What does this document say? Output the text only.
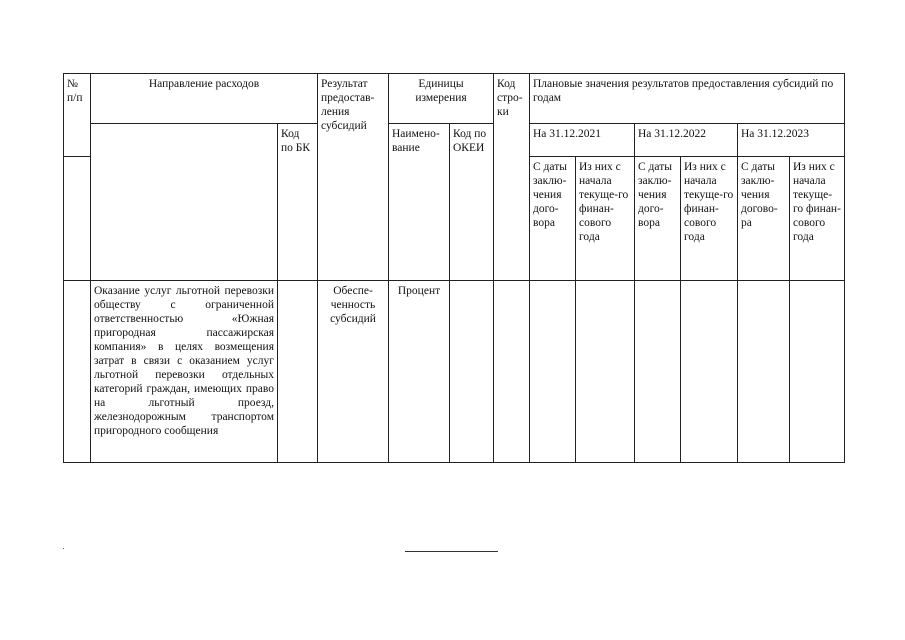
№ п/п	Направление расходов		Результат предостав-ления субсидий	Единицы измерения		Код стро-ки	Плановые значения результатов предоставления субсидий по годам					
		Код по БК		Наимено-вание	Код по ОКЕИ		На 31.12.2021		На 31.12.2022		На 31.12.2023	
							С даты заклю-чения дого-вора	Из них с начала текуще-го финан-сового года	С даты заклю-чения дого-вора	Из них с начала текуще-го финан-сового года	С даты заклю-чения догово-ра	Из них с начала текуще-го финан-сового года
	Оказание услуг льготной перевозки обществу с ограниченной ответственностью «Южная пригородная пассажирская компания» в целях возмещения затрат в связи с оказанием услуг льготной перевозки отдельных категорий граждан, имеющих право на льготный проезд, железнодорожным транспортом пригородного сообщения		Обеспе-ченность субсидий	Процент								
